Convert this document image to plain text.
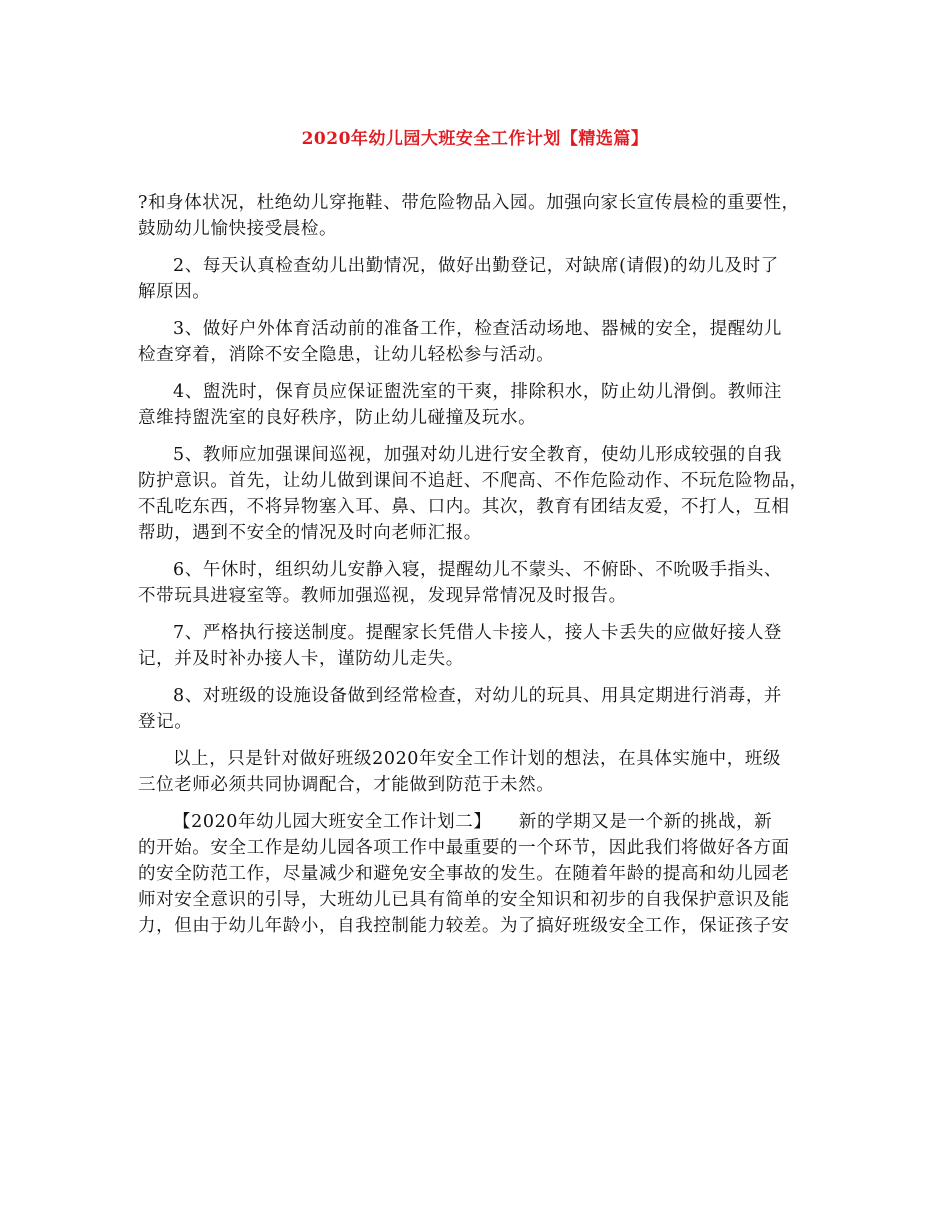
2020年幼儿园大班安全工作计划【精选篇】
?和身体状况，杜绝幼儿穿拖鞋、带危险物品入园。加强向家长宣传晨检的重要性，
鼓励幼儿愉快接受晨检。
2、每天认真检查幼儿出勤情况，做好出勤登记，对缺席(请假)的幼儿及时了
解原因。
3、做好户外体育活动前的准备工作，检查活动场地、器械的安全，提醒幼儿
检查穿着，消除不安全隐患，让幼儿轻松参与活动。
4、盥洗时，保育员应保证盥洗室的干爽，排除积水，防止幼儿滑倒。教师注
意维持盥洗室的良好秩序，防止幼儿碰撞及玩水。
5、教师应加强课间巡视，加强对幼儿进行安全教育，使幼儿形成较强的自我
防护意识。首先，让幼儿做到课间不追赶、不爬高、不作危险动作、不玩危险物品，
不乱吃东西，不将异物塞入耳、鼻、口内。其次，教育有团结友爱，不打人，互相
帮助，遇到不安全的情况及时向老师汇报。
6、午休时，组织幼儿安静入寝，提醒幼儿不蒙头、不俯卧、不吮吸手指头、
不带玩具进寝室等。教师加强巡视，发现异常情况及时报告。
7、严格执行接送制度。提醒家长凭借人卡接人，接人卡丢失的应做好接人登
记，并及时补办接人卡，谨防幼儿走失。
8、对班级的设施设备做到经常检查，对幼儿的玩具、用具定期进行消毒，并
登记。
以上，只是针对做好班级2020年安全工作计划的想法，在具体实施中，班级
三位老师必须共同协调配合，才能做到防范于未然。
【2020年幼儿园大班安全工作计划二】　　新的学期又是一个新的挑战，新
的开始。安全工作是幼儿园各项工作中最重要的一个环节，因此我们将做好各方面
的安全防范工作，尽量减少和避免安全事故的发生。在随着年龄的提高和幼儿园老
师对安全意识的引导，大班幼儿已具有简单的安全知识和初步的自我保护意识及能
力，但由于幼儿年龄小，自我控制能力较差。为了搞好班级安全工作，保证孩子安
